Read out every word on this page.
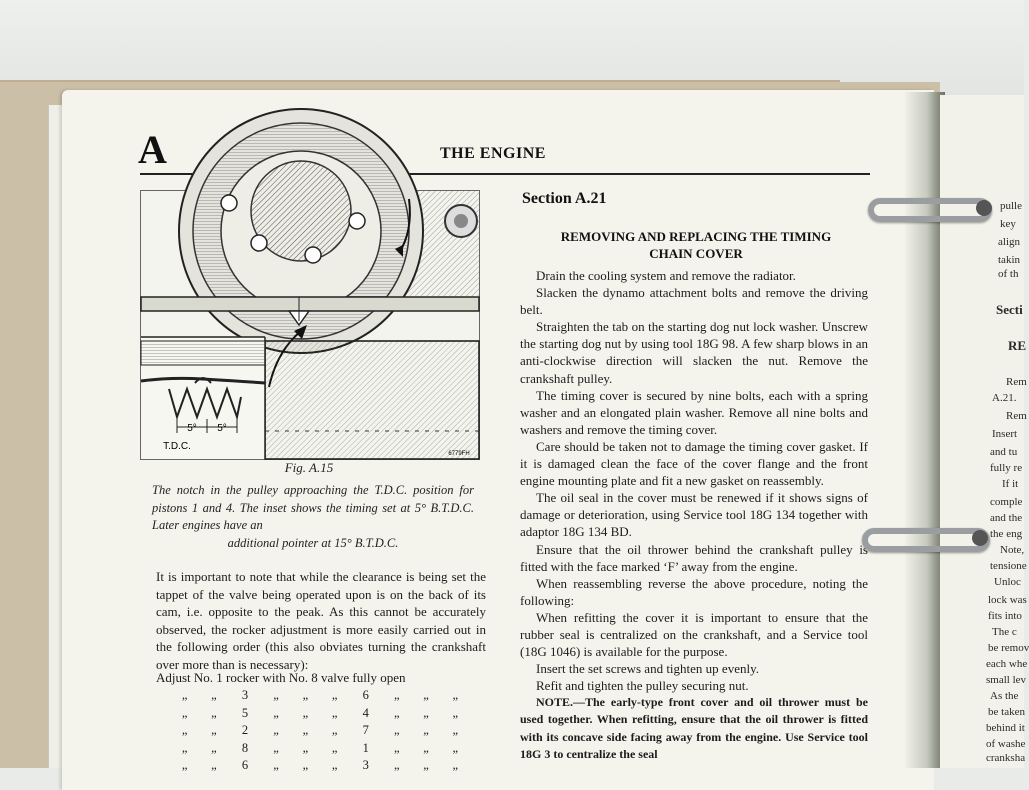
pulle
key
align
takin
of th
Secti
RE
Rem
A.21.
Rem
Insert
and tu
fully re
If it
comple
and the
the eng
Note,
tensione
Unloc
lock was
fits into
The c
be remov
each whe
small lev
As the
be taken
behind it
of washe
cranksha
A	THE ENGINE
5° 5°
T.D.C.
6779FH
Fig. A.15
The notch in the pulley approaching the T.D.C. position for pistons 1 and 4. The inset shows the timing set at 5° B.T.D.C. Later engines have an
additional pointer at 15° B.T.D.C.
It is important to note that while the clearance is being set the tappet of the valve being operated upon is on the back of its cam, i.e. opposite to the peak. As this cannot be accurately observed, the rocker adjustment is more easily carried out in the following order (this also obviates turning the crankshaft over more than is necessary):
Adjust No. 1 rocker with No. 8 valve fully open
„	„	3	„	„	„	6	„	„	„
„	„	5	„	„	„	4	„	„	„
„	„	2	„	„	„	7	„	„	„
„	„	8	„	„	„	1	„	„	„
„	„	6	„	„	„	3	„	„	„
Section A.21
REMOVING AND REPLACING THE TIMING
CHAIN COVER

Drain the cooling system and remove the radiator.

Slacken the dynamo attachment bolts and remove the driving belt.

Straighten the tab on the starting dog nut lock washer. Unscrew the starting dog nut by using tool 18G 98. A few sharp blows in an anti-clockwise direction will slacken the nut. Remove the crankshaft pulley.

The timing cover is secured by nine bolts, each with a spring washer and an elongated plain washer. Remove all nine bolts and washers and remove the timing cover.

Care should be taken not to damage the timing cover gasket. If it is damaged clean the face of the cover flange and the front engine mounting plate and fit a new gasket on reassembly.

The oil seal in the cover must be renewed if it shows signs of damage or deterioration, using Service tool 18G 134 together with adaptor 18G 134 BD.

Ensure that the oil thrower behind the crankshaft pulley is fitted with the face marked ‘F’ away from the engine.

When reassembling reverse the above procedure, noting the following:

When refitting the cover it is important to ensure that the rubber seal is centralized on the crankshaft, and a Service tool (18G 1046) is available for the purpose.

Insert the set screws and tighten up evenly.

Refit and tighten the pulley securing nut.

NOTE.—The early-type front cover and oil thrower must be used together. When refitting, ensure that the oil thrower is fitted with its concave side facing away from the engine. Use Service tool 18G 3 to centralize the seal
